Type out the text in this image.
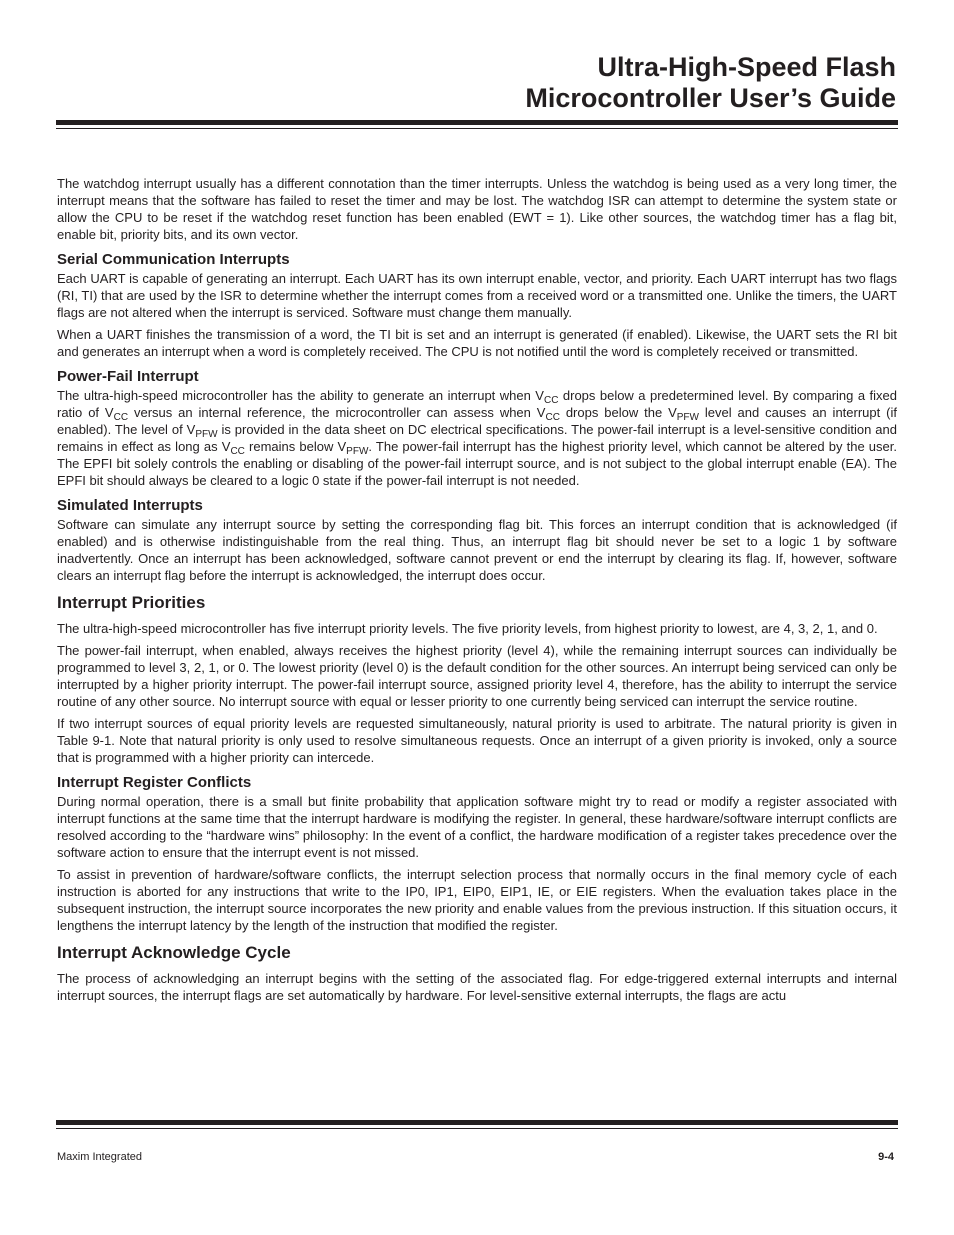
Ultra-High-Speed Flash
Microcontroller User’s Guide

The watchdog interrupt usually has a different connotation than the timer interrupts. Unless the watchdog is being used as a very long timer, the interrupt means that the software has failed to reset the timer and may be lost. The watchdog ISR can attempt to determine the system state or allow the CPU to be reset if the watchdog reset function has been enabled (EWT = 1). Like other sources, the watchdog timer has a flag bit, enable bit, priority bits, and its own vector.

Serial Communication Interrupts

Each UART is capable of generating an interrupt. Each UART has its own interrupt enable, vector, and priority. Each UART interrupt has two flags (RI, TI) that are used by the ISR to determine whether the interrupt comes from a received word or a transmitted one. Unlike the timers, the UART flags are not altered when the interrupt is serviced. Software must change them manually.

When a UART finishes the transmission of a word, the TI bit is set and an interrupt is generated (if enabled). Likewise, the UART sets the RI bit and generates an interrupt when a word is completely received. The CPU is not notified until the word is completely received or transmitted.

Power-Fail Interrupt

The ultra-high-speed microcontroller has the ability to generate an interrupt when $V_{CC}$ drops below a predetermined level. By comparing a fixed ratio of $V_{CC}$ versus an internal reference, the microcontroller can assess when $V_{CC}$ drops below the $V_{PFW}$ level and causes an interrupt (if enabled). The level of $V_{PFW}$ is provided in the data sheet on DC electrical specifications. The power-fail interrupt is a level-sensitive condition and remains in effect as long as $V_{CC}$ remains below $V_{PFW}$. The power-fail interrupt has the highest priority level, which cannot be altered by the user. The EPFI bit solely controls the enabling or disabling of the power-fail interrupt source, and is not subject to the global interrupt enable (EA). The EPFI bit should always be cleared to a logic 0 state if the power-fail interrupt is not needed.

Simulated Interrupts

Software can simulate any interrupt source by setting the corresponding flag bit. This forces an interrupt condition that is acknowledged (if enabled) and is otherwise indistinguishable from the real thing. Thus, an interrupt flag bit should never be set to a logic 1 by software inadvertently. Once an interrupt has been acknowledged, software cannot prevent or end the interrupt by clearing its flag. If, however, software clears an interrupt flag before the interrupt is acknowledged, the interrupt does occur.

Interrupt Priorities

The ultra-high-speed microcontroller has five interrupt priority levels. The five priority levels, from highest priority to lowest, are 4, 3, 2, 1, and 0.

The power-fail interrupt, when enabled, always receives the highest priority (level 4), while the remaining interrupt sources can individually be programmed to level 3, 2, 1, or 0. The lowest priority (level 0) is the default condition for the other sources. An interrupt being serviced can only be interrupted by a higher priority interrupt. The power-fail interrupt source, assigned priority level 4, therefore, has the ability to interrupt the service routine of any other source. No interrupt source with equal or lesser priority to one currently being serviced can interrupt the service routine.

If two interrupt sources of equal priority levels are requested simultaneously, natural priority is used to arbitrate. The natural priority is given in Table 9-1. Note that natural priority is only used to resolve simultaneous requests. Once an interrupt of a given priority is invoked, only a source that is programmed with a higher priority can intercede.

Interrupt Register Conflicts

During normal operation, there is a small but finite probability that application software might try to read or modify a register associated with interrupt functions at the same time that the interrupt hardware is modifying the register. In general, these hardware/software interrupt conflicts are resolved according to the “hardware wins” philosophy: In the event of a conflict, the hardware modification of a register takes precedence over the software action to ensure that the interrupt event is not missed.

To assist in prevention of hardware/software conflicts, the interrupt selection process that normally occurs in the final memory cycle of each instruction is aborted for any instructions that write to the IP0, IP1, EIP0, EIP1, IE, or EIE registers. When the evaluation takes place in the subsequent instruction, the interrupt source incorporates the new priority and enable values from the previous instruction. If this situation occurs, it lengthens the interrupt latency by the length of the instruction that modified the register.

Interrupt Acknowledge Cycle

The process of acknowledging an interrupt begins with the setting of the associated flag. For edge-triggered external interrupts and internal interrupt sources, the interrupt flags are set automatically by hardware. For level-sensitive external interrupts, the flags are actu

Maxim Integrated	9-4
